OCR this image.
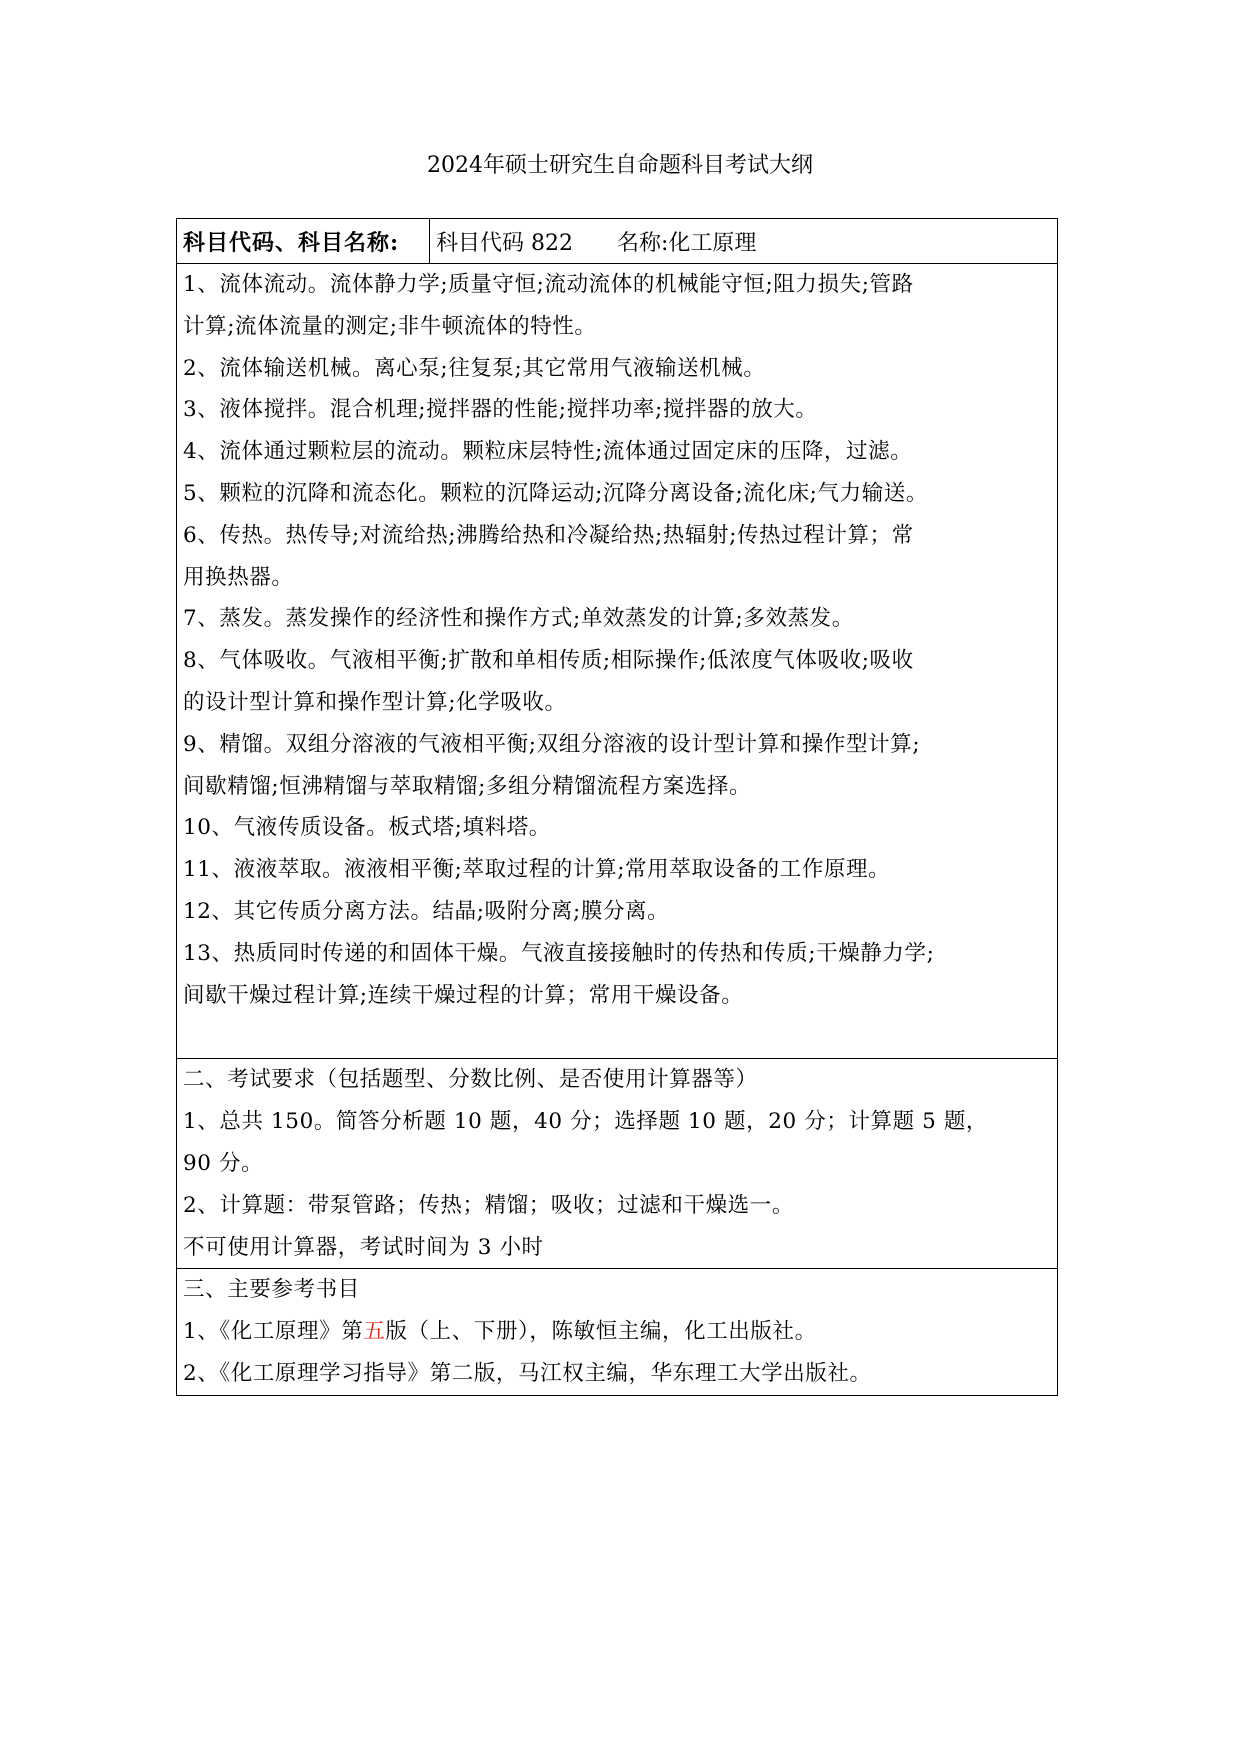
2024年硕士研究生自命题科目考试大纲
科目代码、科目名称:	科目代码 822 名称:化工原理

1、流体流动。流体静力学;质量守恒;流动流体的机械能守恒;阻力损失;管路
计算;流体流量的测定;非牛顿流体的特性。
2、流体输送机械。离心泵;往复泵;其它常用气液输送机械。
3、液体搅拌。混合机理;搅拌器的性能;搅拌功率;搅拌器的放大。
4、流体通过颗粒层的流动。颗粒床层特性;流体通过固定床的压降，过滤。
5、颗粒的沉降和流态化。颗粒的沉降运动;沉降分离设备;流化床;气力输送。
6、传热。热传导;对流给热;沸腾给热和冷凝给热;热辐射;传热过程计算；常
用换热器。
7、蒸发。蒸发操作的经济性和操作方式;单效蒸发的计算;多效蒸发。
8、气体吸收。气液相平衡;扩散和单相传质;相际操作;低浓度气体吸收;吸收
的设计型计算和操作型计算;化学吸收。
9、精馏。双组分溶液的气液相平衡;双组分溶液的设计型计算和操作型计算;
间歇精馏;恒沸精馏与萃取精馏;多组分精馏流程方案选择。
10、气液传质设备。板式塔;填料塔。
11、液液萃取。液液相平衡;萃取过程的计算;常用萃取设备的工作原理。
12、其它传质分离方法。结晶;吸附分离;膜分离。
13、热质同时传递的和固体干燥。气液直接接触时的传热和传质;干燥静力学;
间歇干燥过程计算;连续干燥过程的计算；常用干燥设备。

二、考试要求（包括题型、分数比例、是否使用计算器等）
1、总共 150。简答分析题 10 题，40 分；选择题 10 题，20 分；计算题 5 题，
90 分。
2、计算题：带泵管路；传热；精馏；吸收；过滤和干燥选一。
不可使用计算器，考试时间为 3 小时

三、主要参考书目
1、《化工原理》第五版（上、下册），陈敏恒主编，化工出版社。
2、《化工原理学习指导》第二版，马江权主编，华东理工大学出版社。
